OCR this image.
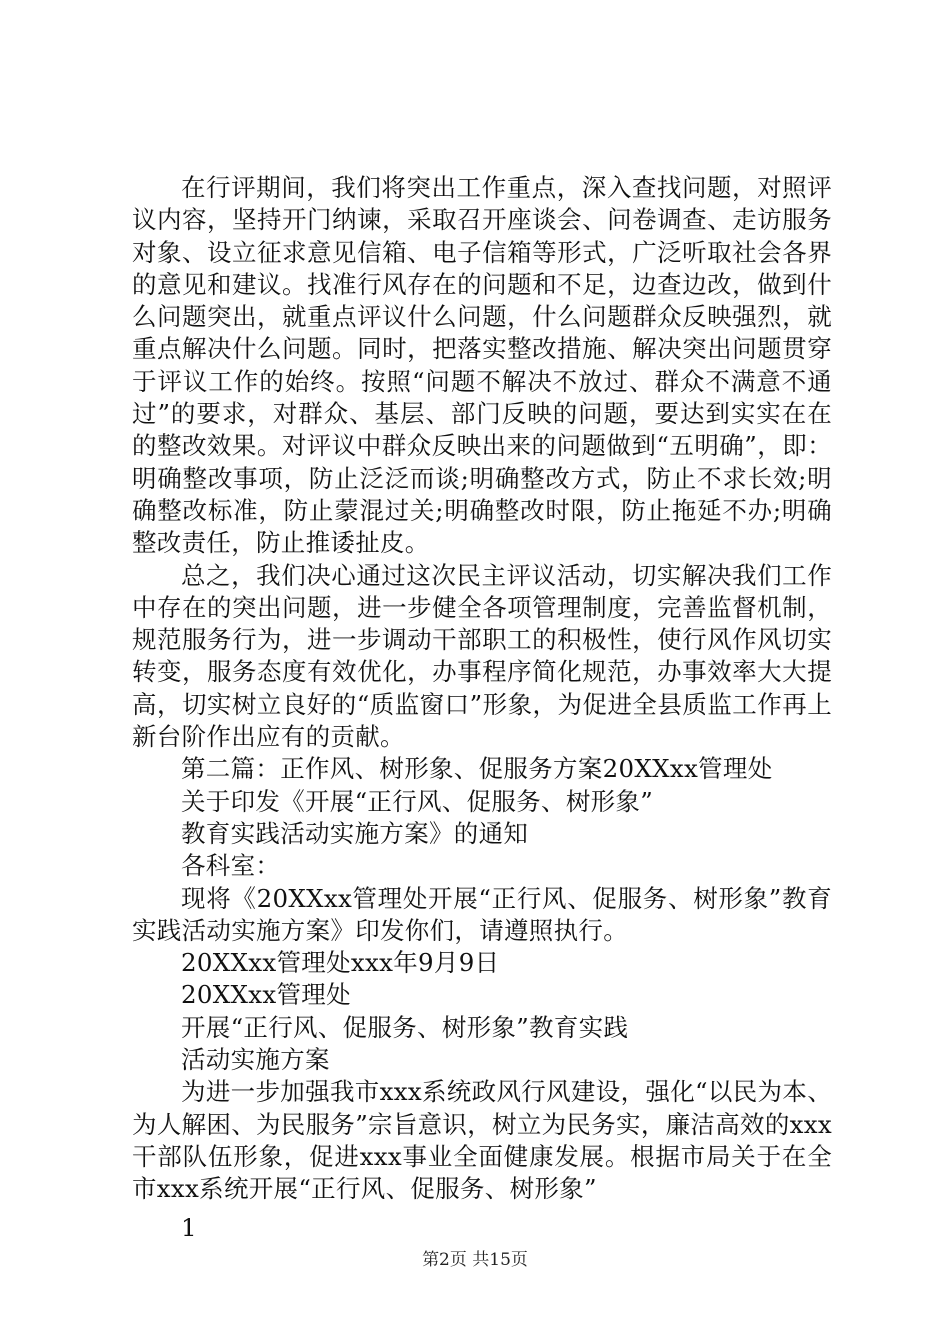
在行评期间，我们将突出工作重点，深入查找问题，对照评议内容，坚持开门纳谏，采取召开座谈会、问卷调查、走访服务对象、设立征求意见信箱、电子信箱等形式，广泛听取社会各界的意见和建议。找准行风存在的问题和不足，边查边改，做到什么问题突出，就重点评议什么问题，什么问题群众反映强烈，就重点解决什么问题。同时，把落实整改措施、解决突出问题贯穿于评议工作的始终。按照“问题不解决不放过、群众不满意不通过”的要求，对群众、基层、部门反映的问题，要达到实实在在的整改效果。对评议中群众反映出来的问题做到“五明确”，即：明确整改事项，防止泛泛而谈;明确整改方式，防止不求长效;明确整改标准，防止蒙混过关;明确整改时限，防止拖延不办;明确整改责任，防止推诿扯皮。

总之，我们决心通过这次民主评议活动，切实解决我们工作中存在的突出问题，进一步健全各项管理制度，完善监督机制，规范服务行为，进一步调动干部职工的积极性，使行风作风切实转变，服务态度有效优化，办事程序简化规范，办事效率大大提高，切实树立良好的“质监窗口”形象，为促进全县质监工作再上新台阶作出应有的贡献。

第二篇：正作风、树形象、促服务方案20XXxx管理处

关于印发《开展“正行风、促服务、树形象”

教育实践活动实施方案》的通知

各科室：

现将《20XXxx管理处开展“正行风、促服务、树形象”教育实践活动实施方案》印发你们，请遵照执行。

20XXxx管理处xxx年9月9日

20XXxx管理处

开展“正行风、促服务、树形象”教育实践

活动实施方案

为进一步加强我市xxx系统政风行风建设，强化“以民为本、为人解困、为民服务”宗旨意识，树立为民务实，廉洁高效的xxx干部队伍形象，促进xxx事业全面健康发展。根据市局关于在全市xxx系统开展“正行风、促服务、树形象”

1

第2页 共15页
